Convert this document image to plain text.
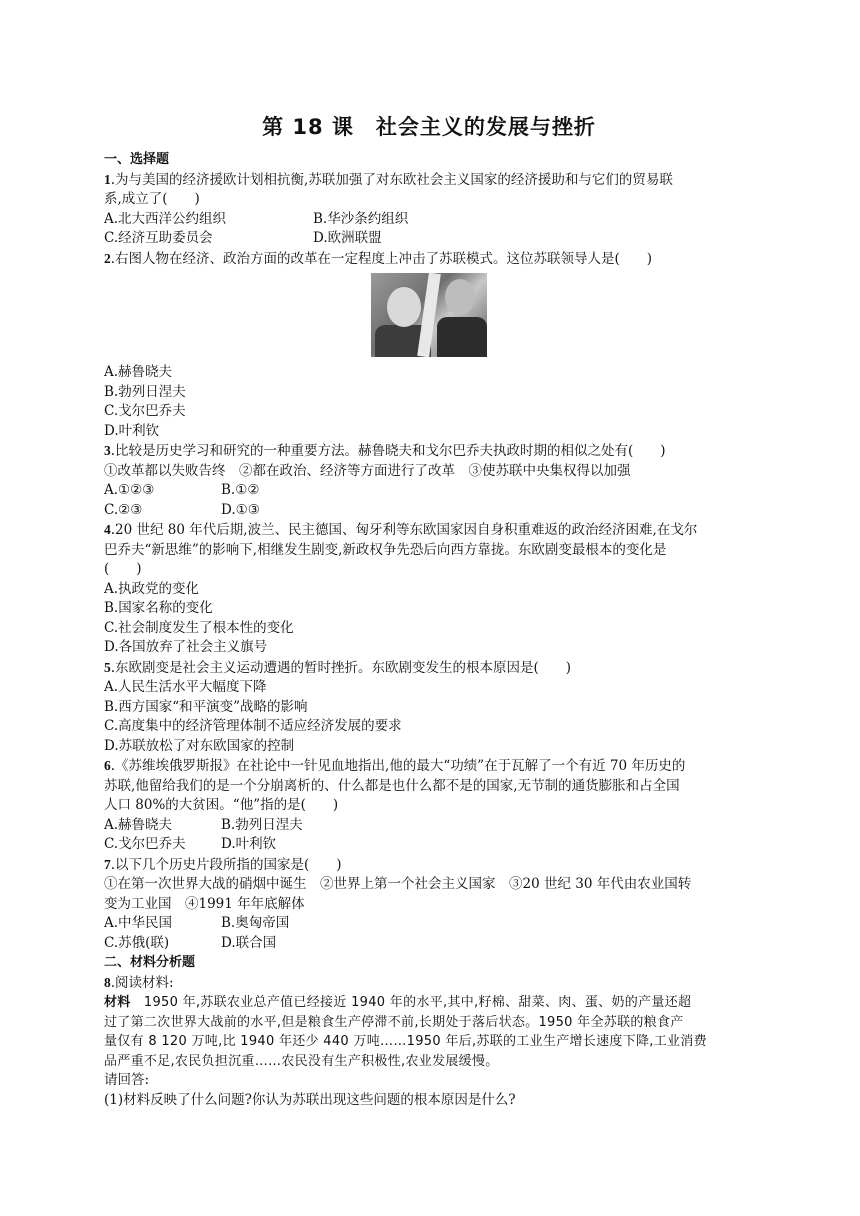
第 18 课　社会主义的发展与挫折
一、选择题
1.为与美国的经济援欧计划相抗衡,苏联加强了对东欧社会主义国家的经济援助和与它们的贸易联
系,成立了(　　)
A.北大西洋公约组织	B.华沙条约组织
C.经济互助委员会	D.欧洲联盟
2.右图人物在经济、政治方面的改革在一定程度上冲击了苏联模式。这位苏联领导人是(　　)
A.赫鲁晓夫
B.勃列日涅夫
C.戈尔巴乔夫
D.叶利钦
3.比较是历史学习和研究的一种重要方法。赫鲁晓夫和戈尔巴乔夫执政时期的相似之处有(　　)
①改革都以失败告终　②都在政治、经济等方面进行了改革　③使苏联中央集权得以加强
A.①②③	B.①②
C.②③	D.①③
4.20 世纪 80 年代后期,波兰、民主德国、匈牙利等东欧国家因自身积重难返的政治经济困难,在戈尔
巴乔夫“新思维”的影响下,相继发生剧变,新政权争先恐后向西方靠拢。东欧剧变最根本的变化是
(　　)
A.执政党的变化
B.国家名称的变化
C.社会制度发生了根本性的变化
D.各国放弃了社会主义旗号
5.东欧剧变是社会主义运动遭遇的暂时挫折。东欧剧变发生的根本原因是(　　)
A.人民生活水平大幅度下降
B.西方国家“和平演变”战略的影响
C.高度集中的经济管理体制不适应经济发展的要求
D.苏联放松了对东欧国家的控制
6.《苏维埃俄罗斯报》在社论中一针见血地指出,他的最大“功绩”在于瓦解了一个有近 70 年历史的
苏联,他留给我们的是一个分崩离析的、什么都是也什么都不是的国家,无节制的通货膨胀和占全国
人口 80%的大贫困。“他”指的是(　　)
A.赫鲁晓夫	B.勃列日涅夫
C.戈尔巴乔夫	D.叶利钦
7.以下几个历史片段所指的国家是(　　)
①在第一次世界大战的硝烟中诞生　②世界上第一个社会主义国家　③20 世纪 30 年代由农业国转
变为工业国　④1991 年年底解体
A.中华民国	B.奥匈帝国
C.苏俄(联)	D.联合国
二、材料分析题
8.阅读材料:
材料　1950 年,苏联农业总产值已经接近 1940 年的水平,其中,籽棉、甜菜、肉、蛋、奶的产量还超
过了第二次世界大战前的水平,但是粮食生产停滞不前,长期处于落后状态。1950 年全苏联的粮食产
量仅有 8 120 万吨,比 1940 年还少 440 万吨……1950 年后,苏联的工业生产增长速度下降,工业消费
品严重不足,农民负担沉重……农民没有生产积极性,农业发展缓慢。
请回答:
(1)材料反映了什么问题?你认为苏联出现这些问题的根本原因是什么?
